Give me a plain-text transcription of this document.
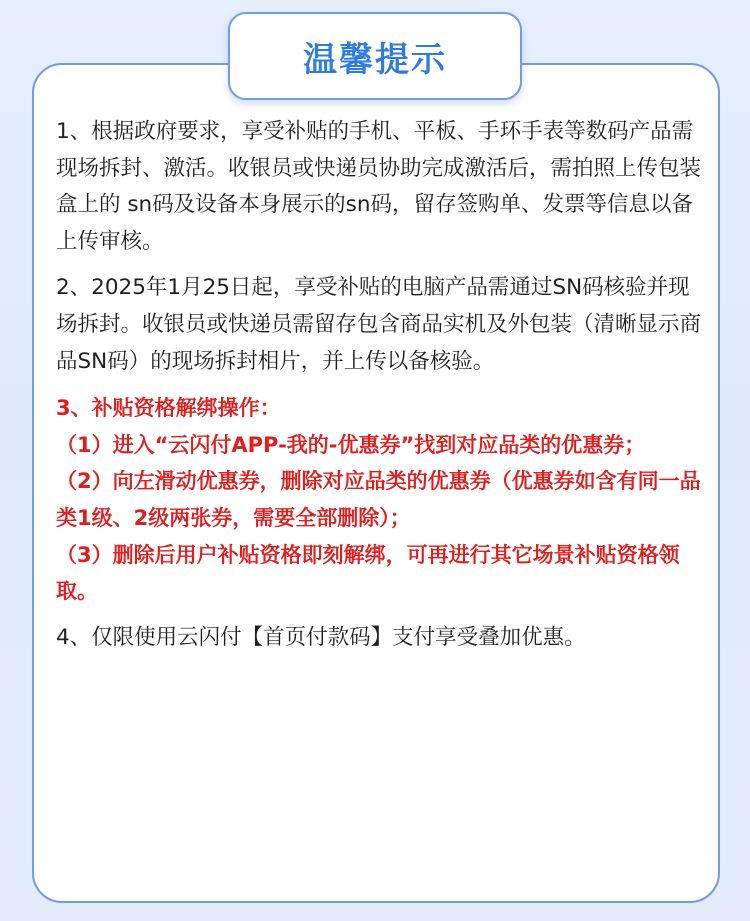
温馨提示

1、根据政府要求，享受补贴的手机、平板、手环手表等数码产品需现场拆封、激活。收银员或快递员协助完成激活后，需拍照上传包装盒上的 sn码及设备本身展示的sn码，留存签购单、发票等信息以备上传审核。

2、2025年1月25日起，享受补贴的电脑产品需通过SN码核验并现场拆封。收银员或快递员需留存包含商品实机及外包装（清晰显示商品SN码）的现场拆封相片，并上传以备核验。

3、补贴资格解绑操作：
（1）进入“云闪付APP-我的-优惠券”找到对应品类的优惠券；
（2）向左滑动优惠券，删除对应品类的优惠券（优惠券如含有同一品类1级、2级两张券，需要全部删除）；
（3）删除后用户补贴资格即刻解绑，可再进行其它场景补贴资格领取。

4、仅限使用云闪付【首页付款码】支付享受叠加优惠。
